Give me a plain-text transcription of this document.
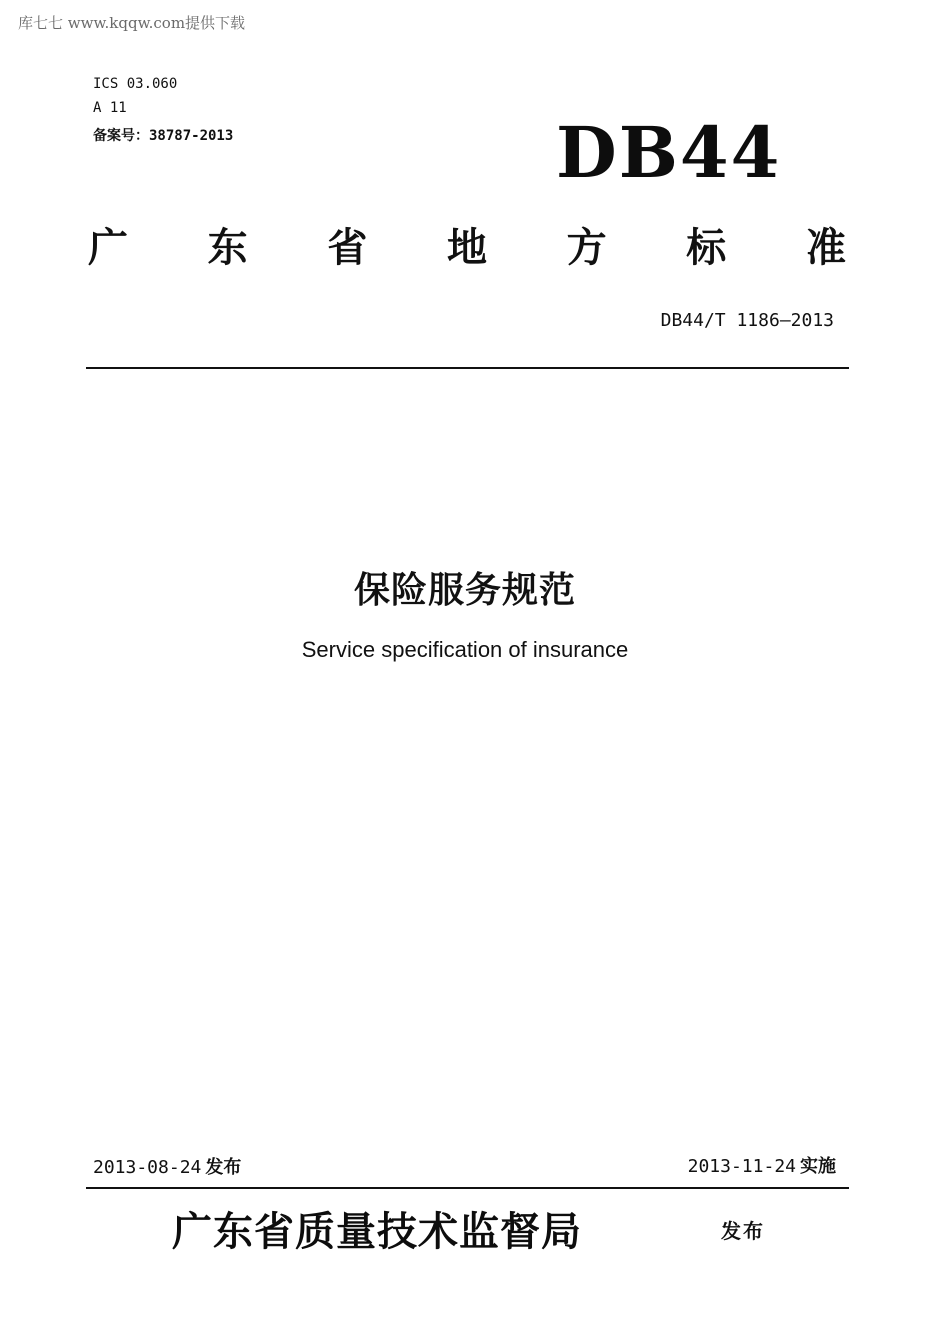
库七七 www.kqqw.com提供下载
ICS 03.060
A 11
备案号：38787-2013	DB44
广 东 省 地 方 标 准
DB44/T 1186—2013
保险服务规范
Service specification of insurance
2013-08-24 发布	2013-11-24 实施
广东省质量技术监督局	发布
